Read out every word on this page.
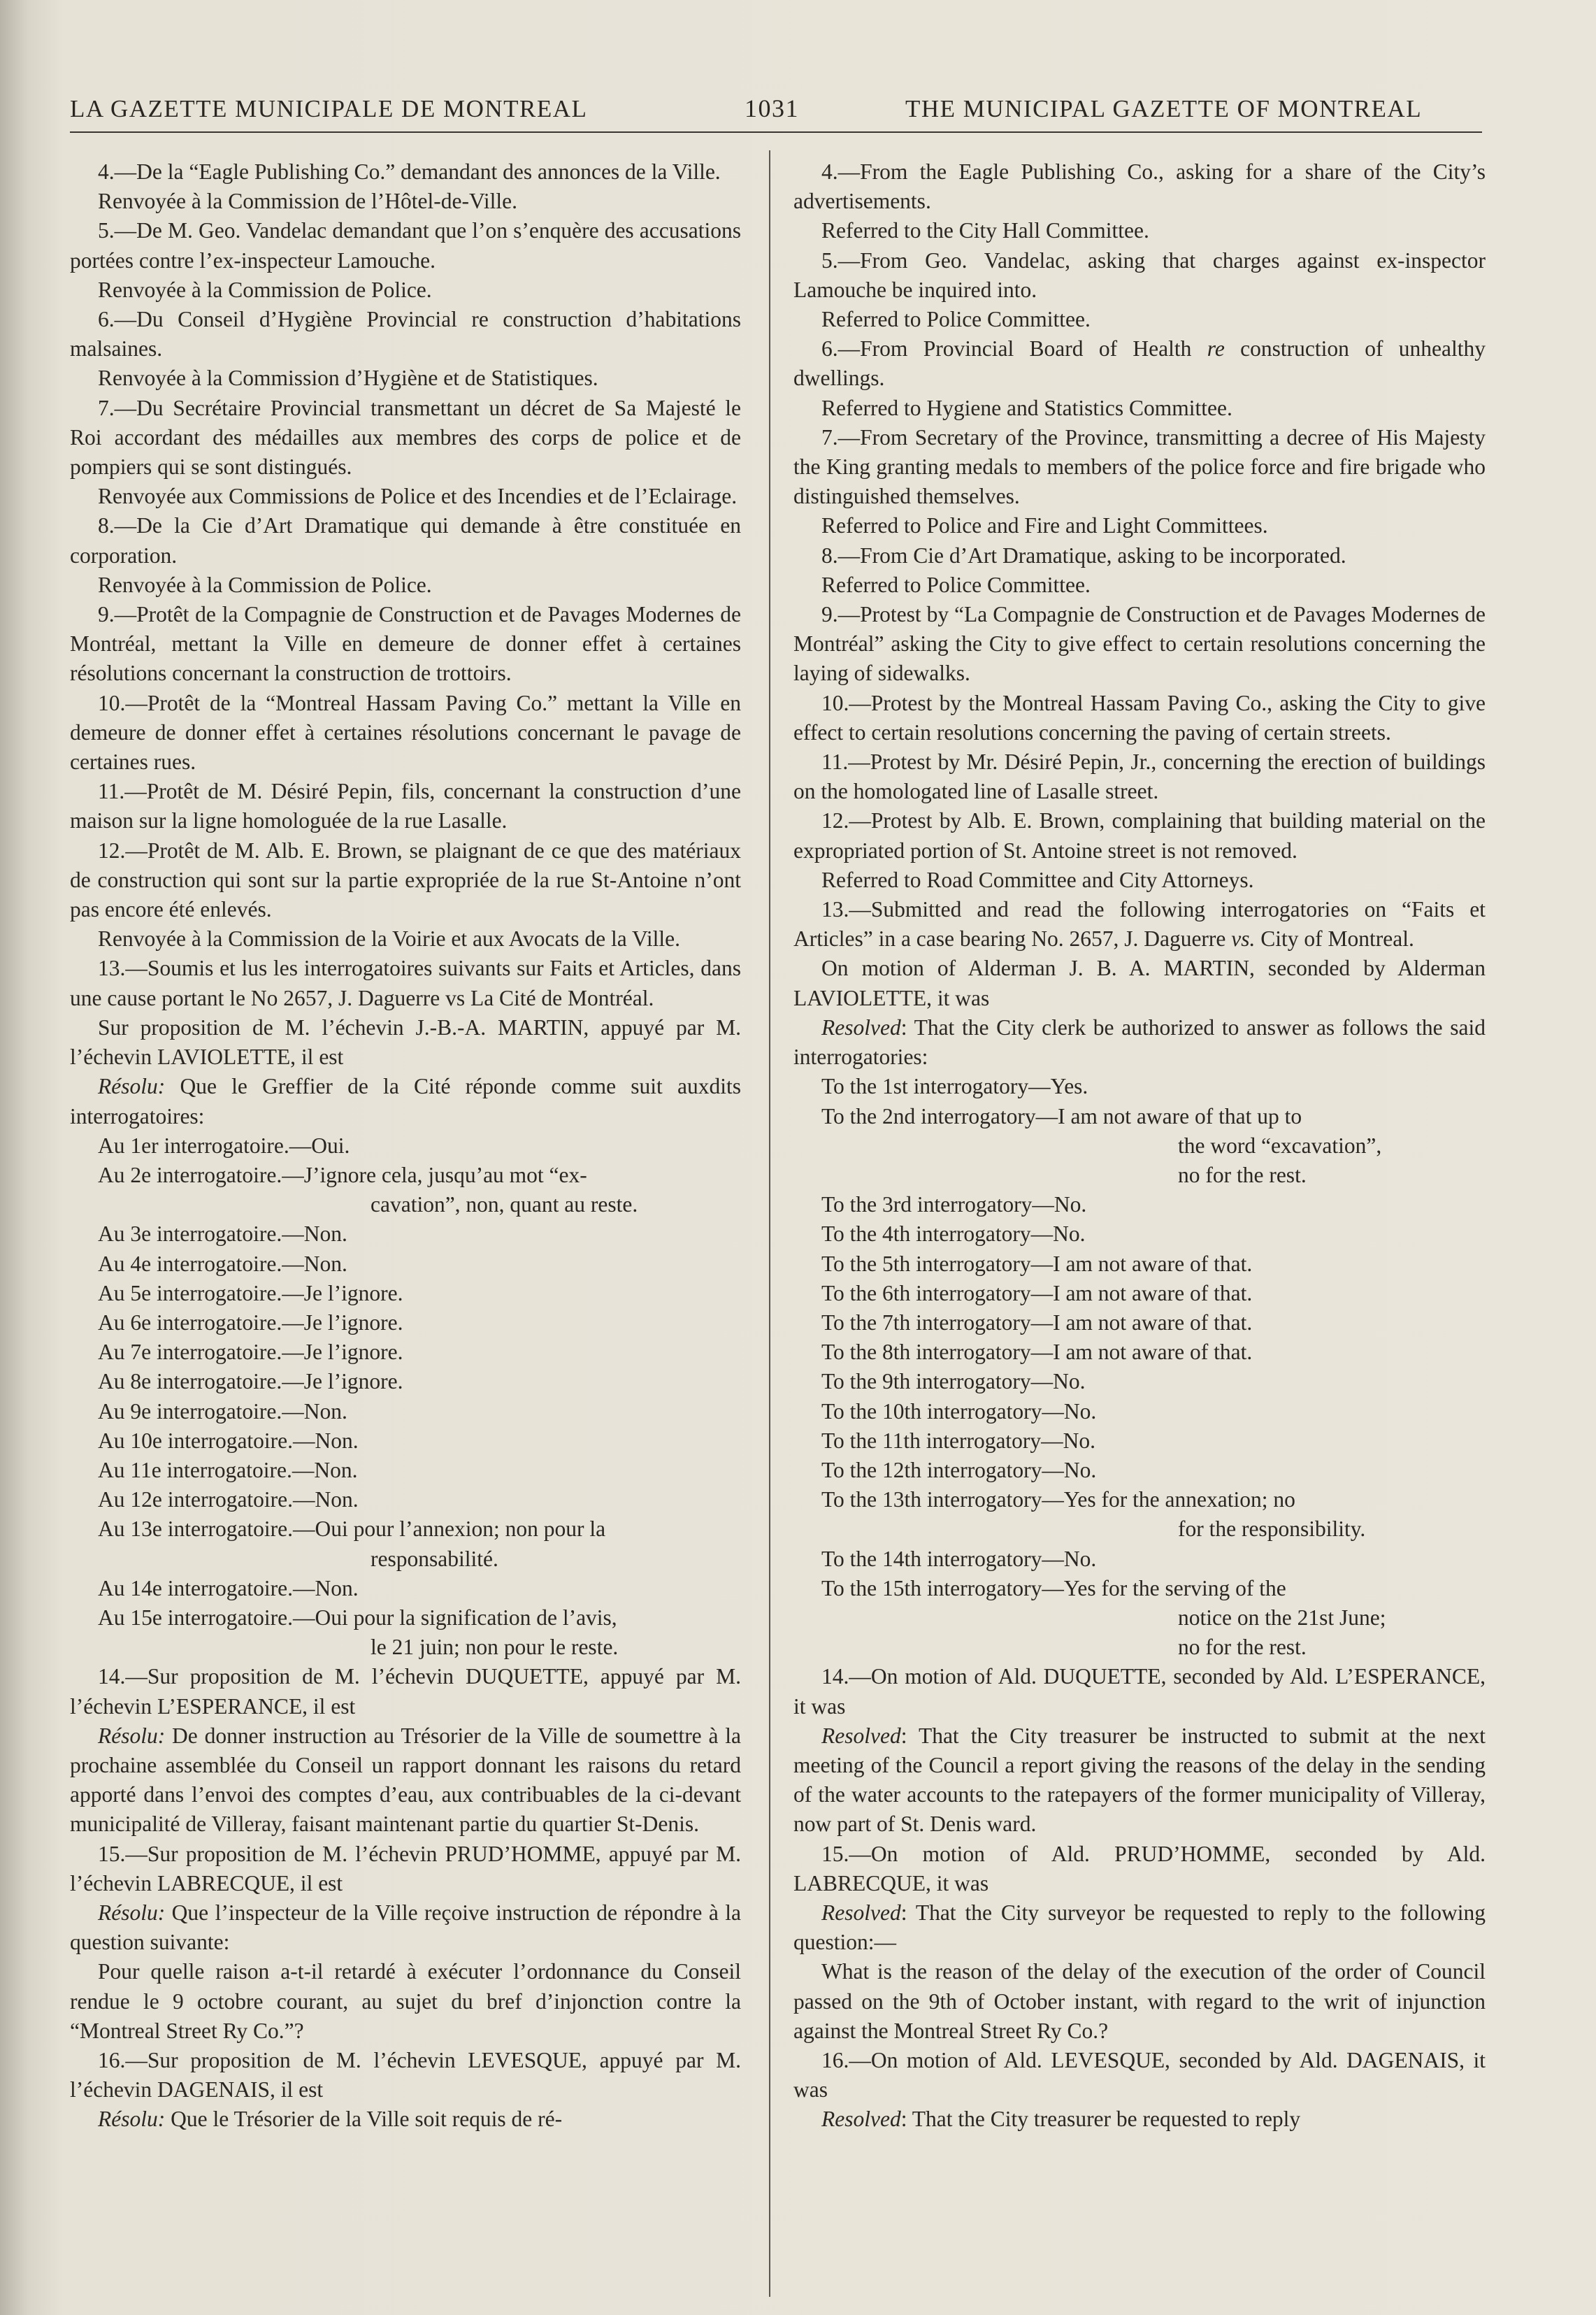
LA GAZETTE MUNICIPALE DE MONTREAL	1031	THE MUNICIPAL GAZETTE OF MONTREAL

4.—De la “Eagle Publishing Co.” demandant des annonces de la Ville.

Renvoyée à la Commission de l’Hôtel-de-Ville.

5.—De M. Geo. Vandelac demandant que l’on s’enquère des accusations portées contre l’ex-inspecteur Lamouche.

Renvoyée à la Commission de Police.

6.—Du Conseil d’Hygiène Provincial re construction d’habitations malsaines.

Renvoyée à la Commission d’Hygiène et de Statistiques.

7.—Du Secrétaire Provincial transmettant un décret de Sa Majesté le Roi accordant des médailles aux membres des corps de police et de pompiers qui se sont distingués.

Renvoyée aux Commissions de Police et des Incendies et de l’Eclairage.

8.—De la Cie d’Art Dramatique qui demande à être constituée en corporation.

Renvoyée à la Commission de Police.

9.—Protêt de la Compagnie de Construction et de Pavages Modernes de Montréal, mettant la Ville en demeure de donner effet à certaines résolutions concernant la construction de trottoirs.

10.—Protêt de la “Montreal Hassam Paving Co.” mettant la Ville en demeure de donner effet à certaines résolutions concernant le pavage de certaines rues.

11.—Protêt de M. Désiré Pepin, fils, concernant la construction d’une maison sur la ligne homologuée de la rue Lasalle.

12.—Protêt de M. Alb. E. Brown, se plaignant de ce que des matériaux de construction qui sont sur la partie expropriée de la rue St-Antoine n’ont pas encore été enlevés.

Renvoyée à la Commission de la Voirie et aux Avocats de la Ville.

13.—Soumis et lus les interrogatoires suivants sur Faits et Articles, dans une cause portant le No 2657, J. Daguerre vs La Cité de Montréal.

Sur proposition de M. l’échevin J.-B.-A. MARTIN, appuyé par M. l’échevin LAVIOLETTE, il est

Résolu: Que le Greffier de la Cité réponde comme suit auxdits interrogatoires:

Au 1er interrogatoire.—Oui.

Au 2e interrogatoire.—J’ignore cela, jusqu’au mot “ex-

cavation”, non, quant au reste.

Au 3e interrogatoire.—Non.

Au 4e interrogatoire.—Non.

Au 5e interrogatoire.—Je l’ignore.

Au 6e interrogatoire.—Je l’ignore.

Au 7e interrogatoire.—Je l’ignore.

Au 8e interrogatoire.—Je l’ignore.

Au 9e interrogatoire.—Non.

Au 10e interrogatoire.—Non.

Au 11e interrogatoire.—Non.

Au 12e interrogatoire.—Non.

Au 13e interrogatoire.—Oui pour l’annexion; non pour la

responsabilité.

Au 14e interrogatoire.—Non.

Au 15e interrogatoire.—Oui pour la signification de l’avis,

le 21 juin; non pour le reste.

14.—Sur proposition de M. l’échevin DUQUETTE, appuyé par M. l’échevin L’ESPERANCE, il est

Résolu: De donner instruction au Trésorier de la Ville de soumettre à la prochaine assemblée du Conseil un rapport donnant les raisons du retard apporté dans l’envoi des comptes d’eau, aux contribuables de la ci-devant municipalité de Villeray, faisant maintenant partie du quartier St-Denis.

15.—Sur proposition de M. l’échevin PRUD’HOMME, appuyé par M. l’échevin LABRECQUE, il est

Résolu: Que l’inspecteur de la Ville reçoive instruction de répondre à la question suivante:

Pour quelle raison a-t-il retardé à exécuter l’ordonnance du Conseil rendue le 9 octobre courant, au sujet du bref d’injonction contre la “Montreal Street Ry Co.”?

16.—Sur proposition de M. l’échevin LEVESQUE, appuyé par M. l’échevin DAGENAIS, il est

Résolu: Que le Trésorier de la Ville soit requis de ré-

4.—From the Eagle Publishing Co., asking for a share of the City’s advertisements.

Referred to the City Hall Committee.

5.—From Geo. Vandelac, asking that charges against ex-inspector Lamouche be inquired into.

Referred to Police Committee.

6.—From Provincial Board of Health re construction of unhealthy dwellings.

Referred to Hygiene and Statistics Committee.

7.—From Secretary of the Province, transmitting a decree of His Majesty the King granting medals to members of the police force and fire brigade who distinguished themselves.

Referred to Police and Fire and Light Committees.

8.—From Cie d’Art Dramatique, asking to be incorporated.

Referred to Police Committee.

9.—Protest by “La Compagnie de Construction et de Pavages Modernes de Montréal” asking the City to give effect to certain resolutions concerning the laying of sidewalks.

10.—Protest by the Montreal Hassam Paving Co., asking the City to give effect to certain resolutions concerning the paving of certain streets.

11.—Protest by Mr. Désiré Pepin, Jr., concerning the erection of buildings on the homologated line of Lasalle street.

12.—Protest by Alb. E. Brown, complaining that building material on the expropriated portion of St. Antoine street is not removed.

Referred to Road Committee and City Attorneys.

13.—Submitted and read the following interrogatories on “Faits et Articles” in a case bearing No. 2657, J. Daguerre vs. City of Montreal.

On motion of Alderman J. B. A. MARTIN, seconded by Alderman LAVIOLETTE, it was

Resolved: That the City clerk be authorized to answer as follows the said interrogatories:

To the 1st interrogatory—Yes.

To the 2nd interrogatory—I am not aware of that up to

the word “excavation”,

no for the rest.

To the 3rd interrogatory—No.

To the 4th interrogatory—No.

To the 5th interrogatory—I am not aware of that.

To the 6th interrogatory—I am not aware of that.

To the 7th interrogatory—I am not aware of that.

To the 8th interrogatory—I am not aware of that.

To the 9th interrogatory—No.

To the 10th interrogatory—No.

To the 11th interrogatory—No.

To the 12th interrogatory—No.

To the 13th interrogatory—Yes for the annexation; no

for the responsibility.

To the 14th interrogatory—No.

To the 15th interrogatory—Yes for the serving of the

notice on the 21st June;

no for the rest.

14.—On motion of Ald. DUQUETTE, seconded by Ald. L’ESPERANCE, it was

Resolved: That the City treasurer be instructed to submit at the next meeting of the Council a report giving the reasons of the delay in the sending of the water accounts to the ratepayers of the former municipality of Villeray, now part of St. Denis ward.

15.—On motion of Ald. PRUD’HOMME, seconded by Ald. LABRECQUE, it was

Resolved: That the City surveyor be requested to reply to the following question:—

What is the reason of the delay of the execution of the order of Council passed on the 9th of October instant, with regard to the writ of injunction against the Montreal Street Ry Co.?

16.—On motion of Ald. LEVESQUE, seconded by Ald. DAGENAIS, it was

Resolved: That the City treasurer be requested to reply
